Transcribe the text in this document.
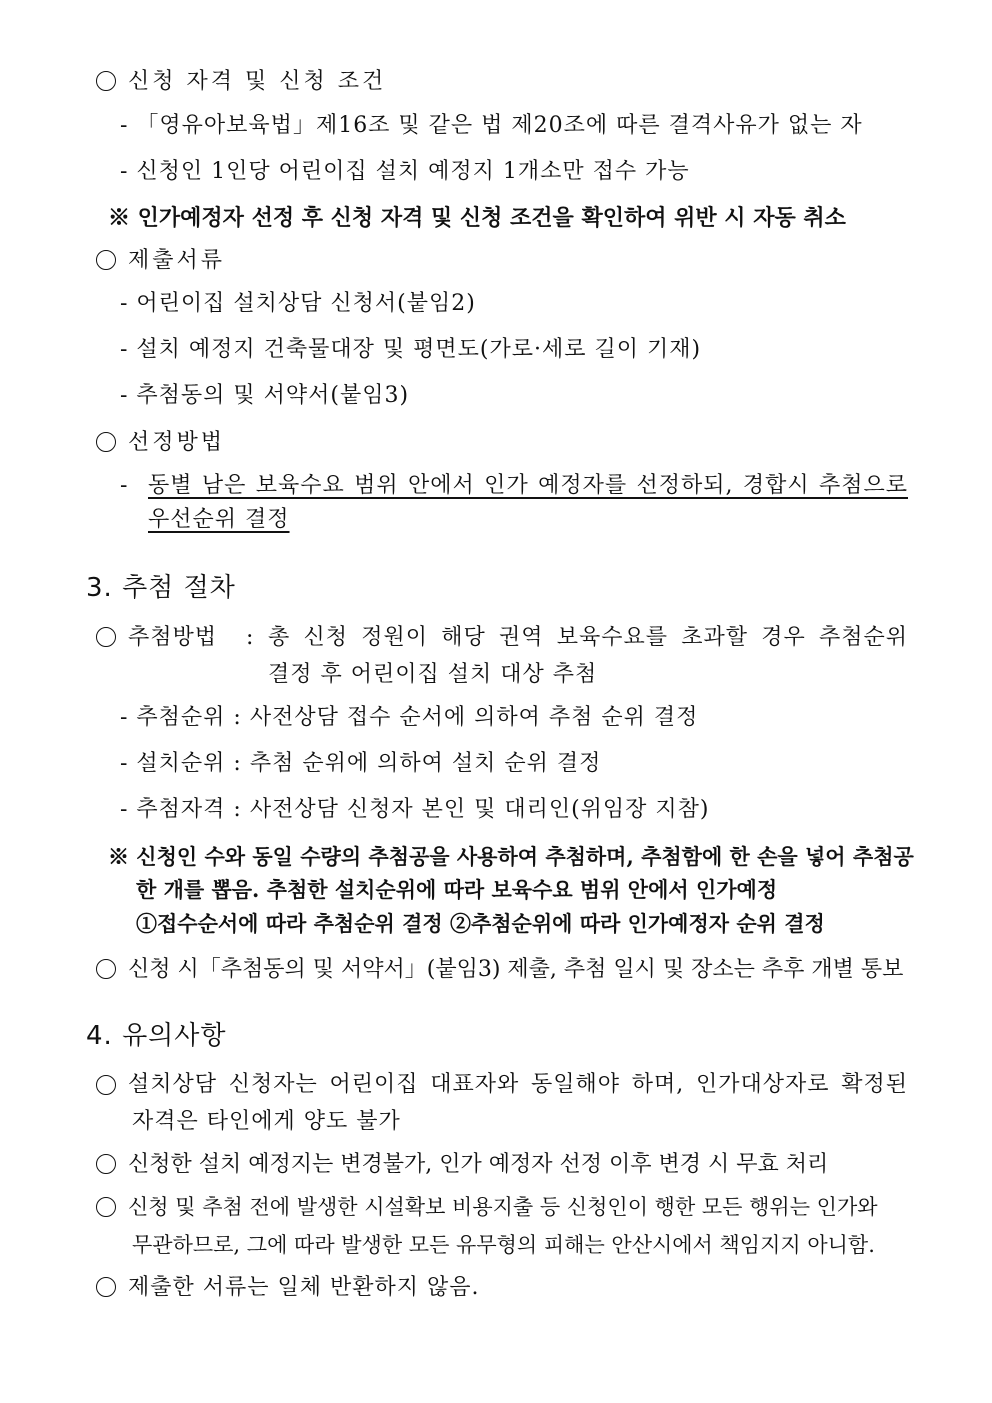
신청 자격 및 신청 조건
- 「영유아보육법」제16조 및 같은 법 제20조에 따른 결격사유가 없는 자
- 신청인 1인당 어린이집 설치 예정지 1개소만 접수 가능
※ 인가예정자 선정 후 신청 자격 및 신청 조건을 확인하여 위반 시 자동 취소
제출서류
- 어린이집 설치상담 신청서(붙임2)
- 설치 예정지 건축물대장 및 평면도(가로·세로 길이 기재)
- 추첨동의 및 서약서(붙임3)
선정방법
- 동별 남은 보육수요 범위 안에서 인가 예정자를 선정하되, 경합시 추첨으로
우선순위 결정
3. 추첨 절차
추첨방법 : 총 신청 정원이 해당 권역 보육수요를 초과할 경우 추첨순위
결정 후 어린이집 설치 대상 추첨
- 추첨순위 : 사전상담 접수 순서에 의하여 추첨 순위 결정
- 설치순위 : 추첨 순위에 의하여 설치 순위 결정
- 추첨자격 : 사전상담 신청자 본인 및 대리인(위임장 지참)
※ 신청인 수와 동일 수량의 추첨공을 사용하여 추첨하며, 추첨함에 한 손을 넣어 추첨공
한 개를 뽑음. 추첨한 설치순위에 따라 보육수요 범위 안에서 인가예정
①접수순서에 따라 추첨순위 결정 ②추첨순위에 따라 인가예정자 순위 결정
신청 시「추첨동의 및 서약서」(붙임3) 제출, 추첨 일시 및 장소는 추후 개별 통보
4. 유의사항
설치상담 신청자는 어린이집 대표자와 동일해야 하며, 인가대상자로 확정된
자격은 타인에게 양도 불가
신청한 설치 예정지는 변경불가, 인가 예정자 선정 이후 변경 시 무효 처리
신청 및 추첨 전에 발생한 시설확보 비용지출 등 신청인이 행한 모든 행위는 인가와
무관하므로, 그에 따라 발생한 모든 유무형의 피해는 안산시에서 책임지지 아니함.
제출한 서류는 일체 반환하지 않음.
